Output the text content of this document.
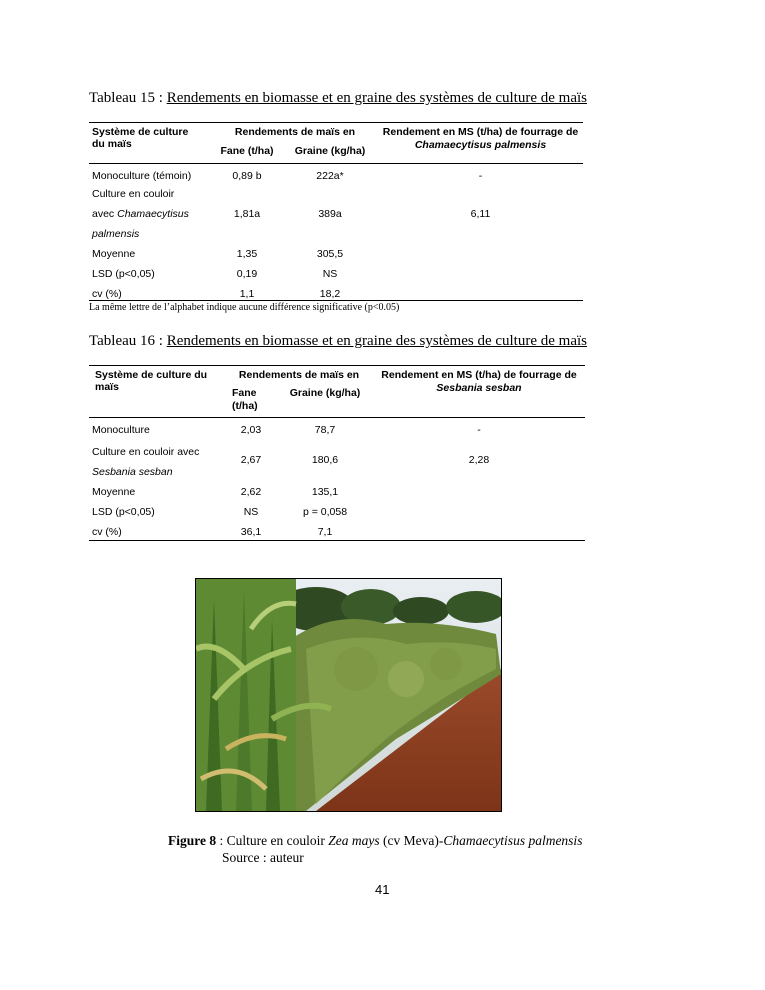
Tableau 15 : Rendements en biomasse et en graine des systèmes de culture de maïs
Système de culture du maïs	Rendements de maïs en		Rendement en MS (t/ha) de fourrage de Chamaecytisus palmensis
	Fane (t/ha)	Graine (kg/ha)	
Monoculture (témoin)	0,89 b	222a*	-
Culture en couloir			
avec Chamaecytisus	1,81a	389a	6,11
palmensis			
Moyenne	1,35	305,5	
LSD (p<0,05)	0,19	NS	
cv (%)	1,1	18,2	
La même lettre de l’alphabet indique aucune différence significative (p<0.05)
Tableau 16 : Rendements en biomasse et en graine des systèmes de culture de maïs
Système de culture du maïs	Rendements de maïs en		Rendement en MS (t/ha) de fourrage de Sesbania sesban

	Fane (t/ha)	Graine (kg/ha)	
Monoculture	2,03	78,7	-

Culture en couloir avec
Sesbania sesban	2,67	180,6	2,28
Moyenne	2,62	135,1	
LSD (p<0,05)	NS	p = 0,058	
cv (%)	36,1	7,1	
Figure 8 : Culture en couloir Zea mays (cv Meva)-Chamaecytisus palmensis
Source : auteur
41
